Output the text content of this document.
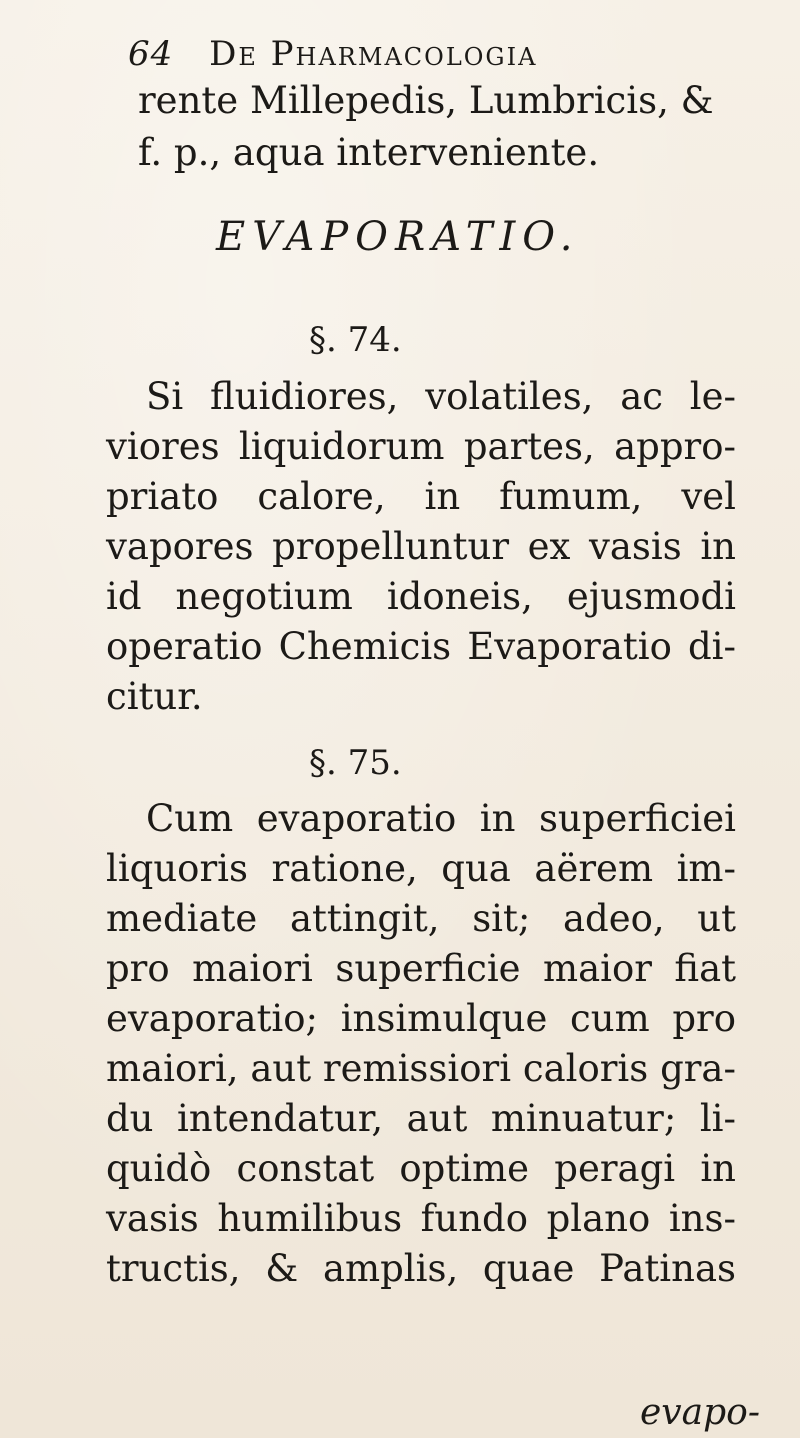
64 De Pharmacologia
rente Millepedis, Lumbricis, &
f. p., aqua interveniente.
EVAPORATIO.
§. 74.
Si fluidiores, volatiles, ac le-
viores liquidorum partes, appro-
priato calore, in fumum, vel
vapores propelluntur ex vasis in
id negotium idoneis, ejusmodi
operatio Chemicis Evaporatio di-
citur.
§. 75.
Cum evaporatio in superficiei
liquoris ratione, qua aërem im-
mediate attingit, sit; adeo, ut
pro maiori superficie maior fiat
evaporatio; insimulque cum pro
maiori, aut remissiori caloris gra-
du intendatur, aut minuatur; li-
quidò constat optime peragi in
vasis humilibus fundo plano ins-
tructis, & amplis, quae Patinas
evapo-
